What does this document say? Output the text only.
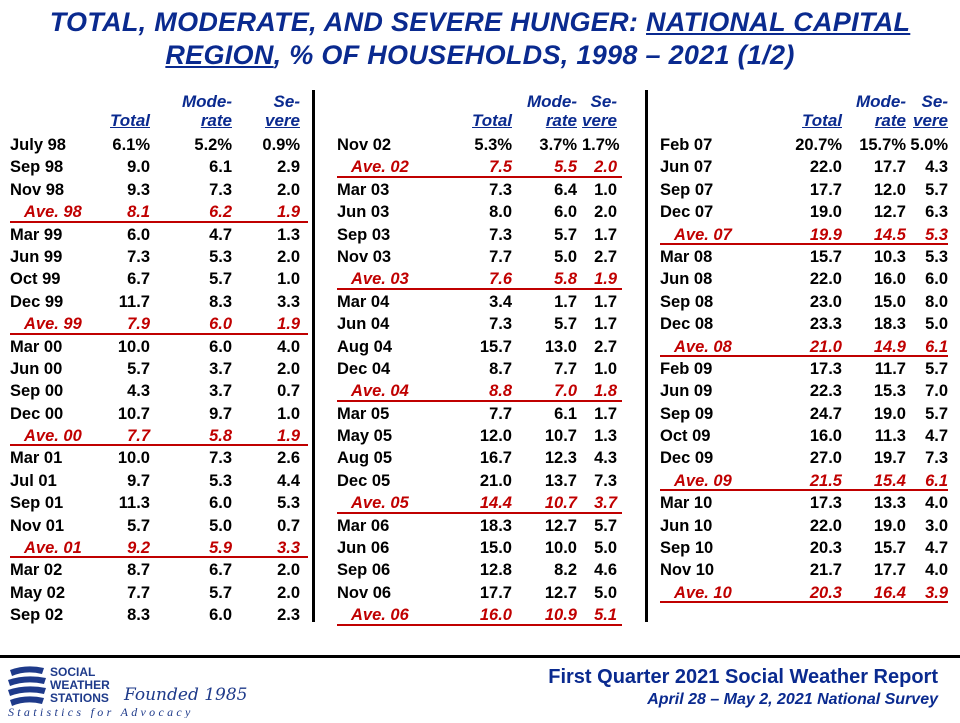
TOTAL, MODERATE, AND SEVERE HUNGER: NATIONAL CAPITAL
REGION, % OF HOUSEHOLDS, 1998 – 2021 (1/2)
Mode-	Se-
Total	rate	vere
July 98	6.1%	5.2%	0.9%
Sep 98	9.0	6.1	2.9
Nov 98	9.3	7.3	2.0
Ave. 98	8.1	6.2	1.9
Mar 99	6.0	4.7	1.3
Jun 99	7.3	5.3	2.0
Oct 99	6.7	5.7	1.0
Dec 99	11.7	8.3	3.3
Ave. 99	7.9	6.0	1.9
Mar 00	10.0	6.0	4.0
Jun 00	5.7	3.7	2.0
Sep 00	4.3	3.7	0.7
Dec 00	10.7	9.7	1.0
Ave. 00	7.7	5.8	1.9
Mar 01	10.0	7.3	2.6
Jul 01	9.7	5.3	4.4
Sep 01	11.3	6.0	5.3
Nov 01	5.7	5.0	0.7
Ave. 01	9.2	5.9	3.3
Mar 02	8.7	6.7	2.0
May 02	7.7	5.7	2.0
Sep 02	8.3	6.0	2.3
Mode- Se-
Total	rate vere
Nov 02	5.3%	3.7% 1.7%
Ave. 02	7.5	5.5	2.0
Mar 03	7.3	6.4	1.0
Jun 03	8.0	6.0	2.0
Sep 03	7.3	5.7	1.7
Nov 03	7.7	5.0	2.7
Ave. 03	7.6	5.8	1.9
Mar 04	3.4	1.7	1.7
Jun 04	7.3	5.7	1.7
Aug 04	15.7	13.0	2.7
Dec 04	8.7	7.7	1.0
Ave. 04	8.8	7.0	1.8
Mar 05	7.7	6.1	1.7
May 05	12.0	10.7	1.3
Aug 05	16.7	12.3	4.3
Dec 05	21.0	13.7	7.3
Ave. 05	14.4	10.7	3.7
Mar 06	18.3	12.7	5.7
Jun 06	15.0	10.0	5.0
Sep 06	12.8	8.2	4.6
Nov 06	17.7	12.7	5.0
Ave. 06	16.0	10.9	5.1
Mode- Se-
Total	rate vere
Feb 07	20.7%	15.7% 5.0%
Jun 07	22.0	17.7	4.3
Sep 07	17.7	12.0	5.7
Dec 07	19.0	12.7	6.3
Ave. 07	19.9	14.5	5.3
Mar 08	15.7	10.3	5.3
Jun 08	22.0	16.0	6.0
Sep 08	23.0	15.0	8.0
Dec 08	23.3	18.3	5.0
Ave. 08	21.0	14.9	6.1
Feb 09	17.3	11.7	5.7
Jun 09	22.3	15.3	7.0
Sep 09	24.7	19.0	5.7
Oct 09	16.0	11.3	4.7
Dec 09	27.0	19.7	7.3
Ave. 09	21.5	15.4	6.1
Mar 10	17.3	13.3	4.0
Jun 10	22.0	19.0	3.0
Sep 10	20.3	15.7	4.7
Nov 10	21.7	17.7	4.0
Ave. 10	20.3	16.4	3.9
SOCIAL
WEATHER
STATIONS Founded 1985
Statistics for Advocacy
First Quarter 2021 Social Weather Report
April 28 – May 2, 2021 National Survey
